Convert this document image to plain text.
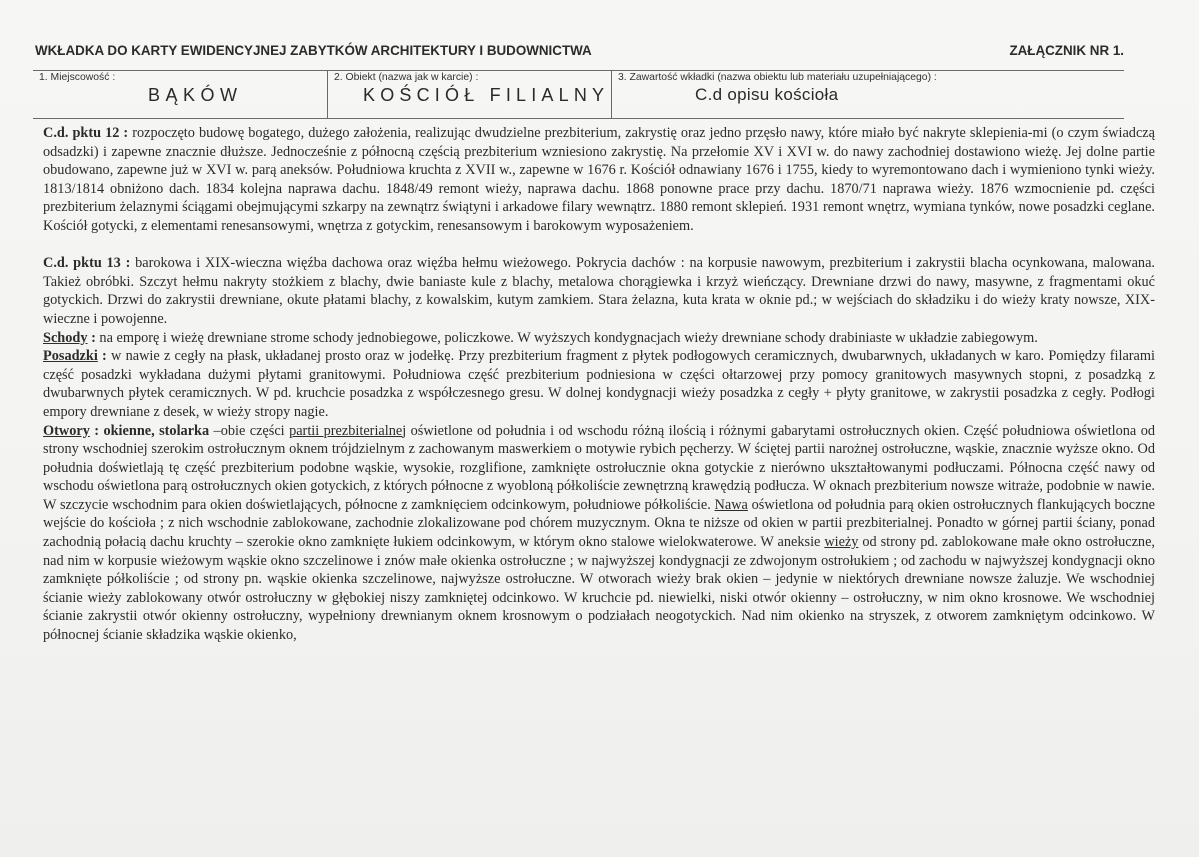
WKŁADKA DO KARTY EWIDENCYJNEJ ZABYTKÓW ARCHITEKTURY I BUDOWNICTWA	ZAŁĄCZNIK NR 1.
1. Miejscowość :
BĄKÓW
2. Obiekt (nazwa jak w karcie) :
KOŚCIÓŁ FILIALNY
3. Zawartość wkładki (nazwa obiektu lub materiału uzupełniającego) :
C.d opisu kościoła

C.d. pktu 12 : rozpoczęto budowę bogatego, dużego założenia, realizując dwudzielne prezbiterium, zakrystię oraz jedno przęsło nawy, które miało być nakryte sklepienia-mi (o czym świadczą odsadzki) i zapewne znacznie dłuższe. Jednocześnie z północną częścią prezbiterium wzniesiono zakrystię. Na przełomie XV i XVI w. do nawy zachodniej dostawiono wieżę. Jej dolne partie obudowano, zapewne już w XVI w. parą aneksów. Południowa kruchta z XVII w., zapewne w 1676 r. Kościół odnawiany 1676 i 1755, kiedy to wyremontowano dach i wymieniono tynki wieży. 1813/1814 obniżono dach. 1834 kolejna naprawa dachu. 1848/49 remont wieży, naprawa dachu. 1868 ponowne prace przy dachu. 1870/71 naprawa wieży. 1876 wzmocnienie pd. części prezbiterium żelaznymi ściągami obejmującymi szkarpy na zewnątrz świątyni i arkadowe filary wewnątrz. 1880 remont sklepień. 1931 remont wnętrz, wymiana tynków, nowe posadzki ceglane. Kościół gotycki, z elementami renesansowymi, wnętrza z gotyckim, renesansowym i barokowym wyposażeniem.

C.d. pktu 13 : barokowa i XIX-wieczna więźba dachowa oraz więźba hełmu wieżowego. Pokrycia dachów : na korpusie nawowym, prezbiterium i zakrystii blacha ocynkowana, malowana. Takież obróbki. Szczyt hełmu nakryty stożkiem z blachy, dwie baniaste kule z blachy, metalowa chorągiewka i krzyż wieńczący. Drewniane drzwi do nawy, masywne, z fragmentami okuć gotyckich. Drzwi do zakrystii drewniane, okute płatami blachy, z kowalskim, kutym zamkiem. Stara żelazna, kuta krata w oknie pd.; w wejściach do składziku i do wieży kraty nowsze, XIX-wieczne i powojenne.

Schody : na emporę i wieżę drewniane strome schody jednobiegowe, policzkowe. W wyższych kondygnacjach wieży drewniane schody drabiniaste w układzie zabiegowym.

Posadzki : w nawie z cegły na płask, układanej prosto oraz w jodełkę. Przy prezbiterium fragment z płytek podłogowych ceramicznych, dwubarwnych, układanych w karo. Pomiędzy filarami część posadzki wykładana dużymi płytami granitowymi. Południowa część prezbiterium podniesiona w części ołtarzowej przy pomocy granitowych masywnych stopni, z posadzką z dwubarwnych płytek ceramicznych. W pd. kruchcie posadzka z współczesnego gresu. W dolnej kondygnacji wieży posadzka z cegły + płyty granitowe, w zakrystii posadzka z cegły. Podłogi empory drewniane z desek, w wieży stropy nagie.

Otwory : okienne, stolarka –obie części partii prezbiterialnej oświetlone od południa i od wschodu różną ilością i różnymi gabarytami ostrołucznych okien. Część południowa oświetlona od strony wschodniej szerokim ostrołucznym oknem trójdzielnym z zachowanym maswerkiem o motywie rybich pęcherzy. W ściętej partii narożnej ostrołuczne, wąskie, znacznie wyższe okno. Od południa doświetlają tę część prezbiterium podobne wąskie, wysokie, rozglifione, zamknięte ostrołucznie okna gotyckie z nierówno ukształtowanymi podłuczami. Północna część nawy od wschodu oświetlona parą ostrołucznych okien gotyckich, z których północne z wyobloną półkoliście zewnętrzną krawędzią podłucza. W oknach prezbiterium nowsze witraże, podobnie w nawie. W szczycie wschodnim para okien doświetlających, północne z zamknięciem odcinkowym, południowe półkoliście. Nawa oświetlona od południa parą okien ostrołucznych flankujących boczne wejście do kościoła ; z nich wschodnie zablokowane, zachodnie zlokalizowane pod chórem muzycznym. Okna te niższe od okien w partii prezbiterialnej. Ponadto w górnej partii ściany, ponad zachodnią połacią dachu kruchty – szerokie okno zamknięte łukiem odcinkowym, w którym okno stalowe wielokwaterowe. W aneksie wieży od strony pd. zablokowane małe okno ostrołuczne, nad nim w korpusie wieżowym wąskie okno szczelinowe i znów małe okienka ostrołuczne ; w najwyższej kondygnacji ze zdwojonym ostrołukiem ; od zachodu w najwyższej kondygnacji okno zamknięte półkoliście ; od strony pn. wąskie okienka szczelinowe, najwyższe ostrołuczne. W otworach wieży brak okien – jedynie w niektórych drewniane nowsze żaluzje. We wschodniej ścianie wieży zablokowany otwór ostrołuczny w głębokiej niszy zamkniętej odcinkowo. W kruchcie pd. niewielki, niski otwór okienny – ostrołuczny, w nim okno krosnowe. We wschodniej ścianie zakrystii otwór okienny ostrołuczny, wypełniony drewnianym oknem krosnowym o podziałach neogotyckich. Nad nim okienko na stryszek, z otworem zamkniętym odcinkowo. W północnej ścianie składzika wąskie okienko,
